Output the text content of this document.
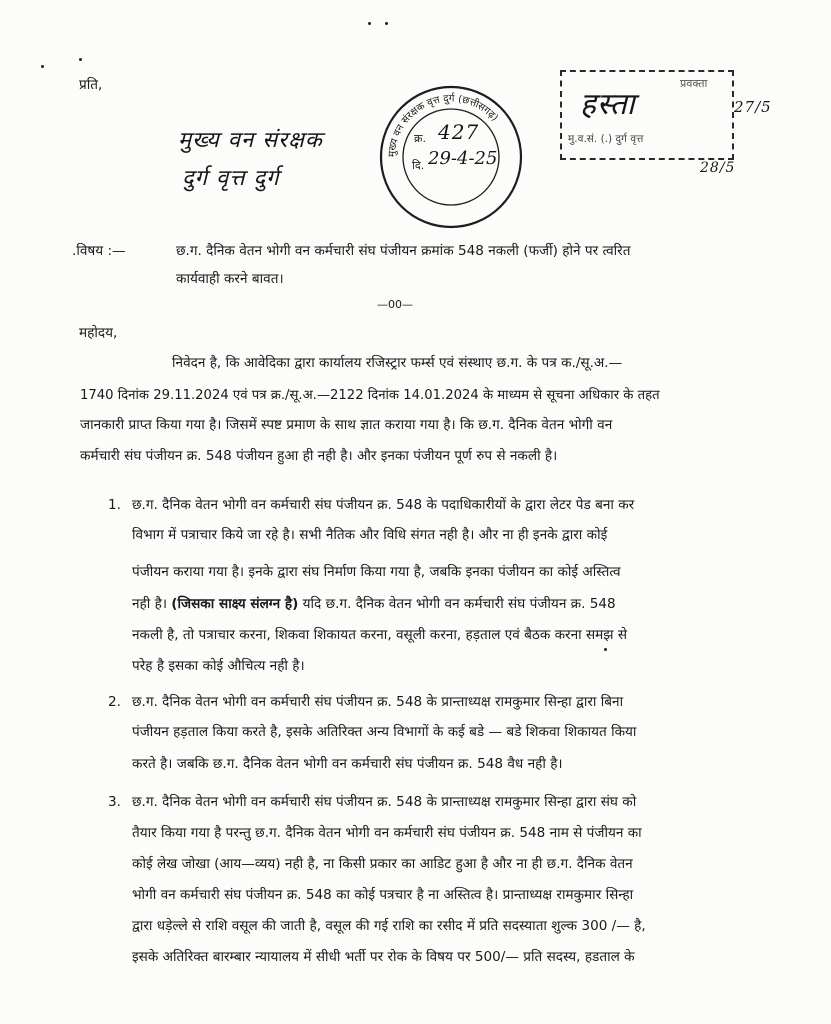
प्रति,
मुख्य वन संरक्षक
दुर्ग वृत्त दुर्ग
मुख्य वन संरक्षक वृत्त दुर्ग (छत्तीसगढ़)
क्र. 427
दि. 29-4-25
प्रवक्ता
हस्ता
मु.व.सं. (.) दुर्ग वृत्त
27/5
28/5
.विषय :—	छ.ग. दैनिक वेतन भोगी वन कर्मचारी संघ पंजीयन क्रमांक 548 नकली (फर्जी) होने पर त्वरित
कार्यवाही करने बावत।
—00—
महोदय,
निवेदन है, कि आवेदिका द्वारा कार्यालय रजिस्ट्रार फर्म्स एवं संस्थाए छ.ग. के पत्र क./सू.अ.—
1740 दिनांक 29.11.2024 एवं पत्र क्र./सू.अ.—2122 दिनांक 14.01.2024 के माध्यम से सूचना अधिकार के तहत
जानकारी प्राप्त किया गया है। जिसमें स्पष्ट प्रमाण के साथ ज्ञात कराया गया है। कि छ.ग. दैनिक वेतन भोगी वन
कर्मचारी संघ पंजीयन क्र. 548 पंजीयन हुआ ही नही है। और इनका पंजीयन पूर्ण रुप से नकली है।
1. छ.ग. दैनिक वेतन भोगी वन कर्मचारी संघ पंजीयन क्र. 548 के पदाधिकारीयों के द्वारा लेटर पेड बना कर
विभाग में पत्राचार किये जा रहे है। सभी नैतिक और विधि संगत नही है। और ना ही इनके द्वारा कोई
पंजीयन कराया गया है। इनके द्वारा संघ निर्माण किया गया है, जबकि इनका पंजीयन का कोई अस्तित्व
नही है। (जिसका साक्ष्य संलग्न है) यदि छ.ग. दैनिक वेतन भोगी वन कर्मचारी संघ पंजीयन क्र. 548
नकली है, तो पत्राचार करना, शिकवा शिकायत करना, वसूली करना, हड़ताल एवं बैठक करना समझ से
परेह है इसका कोई औचित्य नही है।
2. छ.ग. दैनिक वेतन भोगी वन कर्मचारी संघ पंजीयन क्र. 548 के प्रान्ताध्यक्ष रामकुमार सिन्हा द्वारा बिना
पंजीयन हड़ताल किया करते है, इसके अतिरिक्त अन्य विभागों के कई बडे — बडे शिकवा शिकायत किया
करते है। जबकि छ.ग. दैनिक वेतन भोगी वन कर्मचारी संघ पंजीयन क्र. 548 वैध नही है।
3. छ.ग. दैनिक वेतन भोगी वन कर्मचारी संघ पंजीयन क्र. 548 के प्रान्ताध्यक्ष रामकुमार सिन्हा द्वारा संघ को
तैयार किया गया है परन्तु छ.ग. दैनिक वेतन भोगी वन कर्मचारी संघ पंजीयन क्र. 548 नाम से पंजीयन का
कोई लेख जोखा (आय—व्यय) नही है, ना किसी प्रकार का आडिट हुआ है और ना ही छ.ग. दैनिक वेतन
भोगी वन कर्मचारी संघ पंजीयन क्र. 548 का कोई पत्रचार है ना अस्तित्व है। प्रान्ताध्यक्ष रामकुमार सिन्हा
द्वारा धड़ेल्ले से राशि वसूल की जाती है, वसूल की गई राशि का रसीद में प्रति सदस्याता शुल्क 300 /— है,
इसके अतिरिक्त बारम्बार न्यायालय में सीधी भर्ती पर रोक के विषय पर 500/— प्रति सदस्य, हडताल के
